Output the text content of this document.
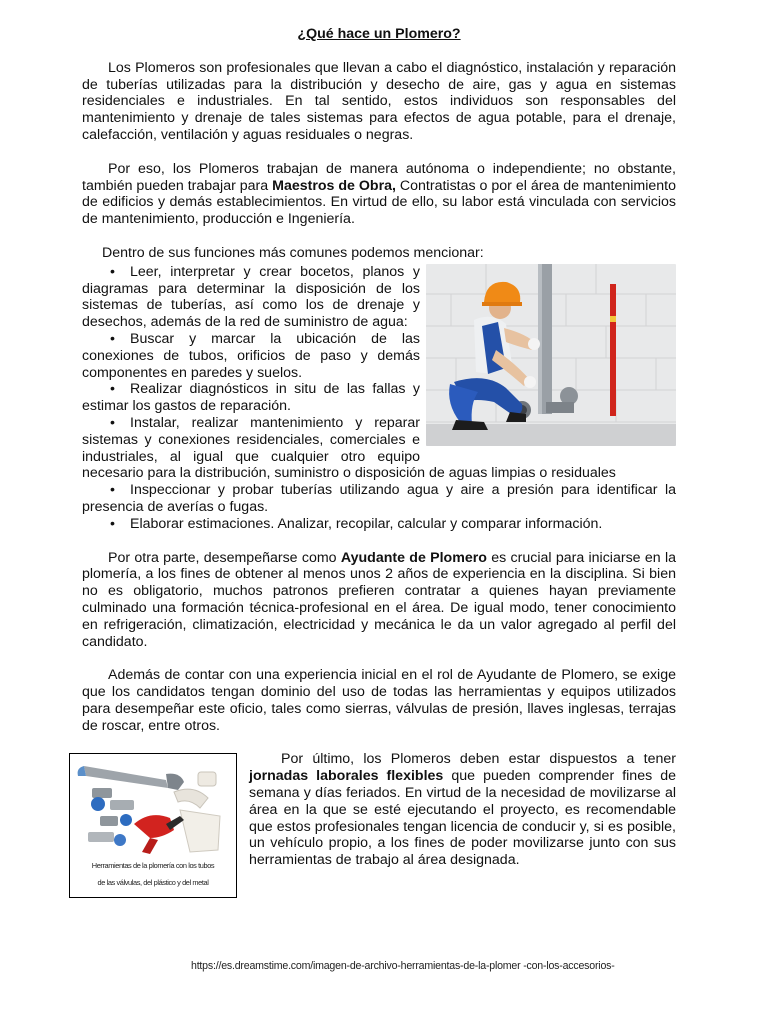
¿Qué hace un Plomero?

Los Plomeros son profesionales que llevan a cabo el diagnóstico, instalación y reparación de tuberías utilizadas para la distribución y desecho de aire, gas y agua en sistemas residenciales e industriales. En tal sentido, estos individuos son responsables del mantenimiento y drenaje de tales sistemas para efectos de agua potable, para el drenaje, calefacción, ventilación y aguas residuales o negras.

Por eso, los Plomeros trabajan de manera autónoma o independiente; no obstante, también pueden trabajar para Maestros de Obra, Contratistas o por el área de mantenimiento de edificios y demás establecimientos. En virtud de ello, su labor está vinculada con servicios de mantenimiento, producción e Ingeniería.

Dentro de sus funciones más comunes podemos mencionar:
• Leer, interpretar y crear bocetos, planos y diagramas para determinar la disposición de los sistemas de tuberías, así como los de drenaje y desechos, además de la red de suministro de agua:
• Buscar y marcar la ubicación de las conexiones de tubos, orificios de paso y demás componentes en paredes y suelos.
• Realizar diagnósticos in situ de las fallas y estimar los gastos de reparación.
• Instalar, realizar mantenimiento y reparar sistemas y conexiones residenciales, comerciales e industriales, al igual que cualquier otro equipo necesario para la distribución, suministro o disposición de aguas limpias o residuales
• Inspeccionar y probar tuberías utilizando agua y aire a presión para identificar la presencia de averías o fugas.
• Elaborar estimaciones. Analizar, recopilar, calcular y comparar información.

Por otra parte, desempeñarse como Ayudante de Plomero es crucial para iniciarse en la plomería, a los fines de obtener al menos unos 2 años de experiencia en la disciplina. Si bien no es obligatorio, muchos patronos prefieren contratar a quienes hayan previamente culminado una formación técnica-profesional en el área. De igual modo, tener conocimiento en refrigeración, climatización, electricidad y mecánica le da un valor agregado al perfil del candidato.

Además de contar con una experiencia inicial en el rol de Ayudante de Plomero, se exige que los candidatos tengan dominio del uso de todas las herramientas y equipos utilizados para desempeñar este oficio, tales como sierras, válvulas de presión, llaves inglesas, terrajas de roscar, entre otros.

Herramientas de la plomería con los tubos
de las válvulas, del plástico y del metal

Por último, los Plomeros deben estar dispuestos a tener jornadas laborales flexibles que pueden comprender fines de semana y días feriados. En virtud de la necesidad de movilizarse al área en la que se esté ejecutando el proyecto, es recomendable que estos profesionales tengan licencia de conducir y, si es posible, un vehículo propio, a los fines de poder movilizarse junto con sus herramientas de trabajo al área designada.

https://es.dreamstime.com/imagen-de-archivo-herramientas-de-la-plomer -con-los-accesorios-
